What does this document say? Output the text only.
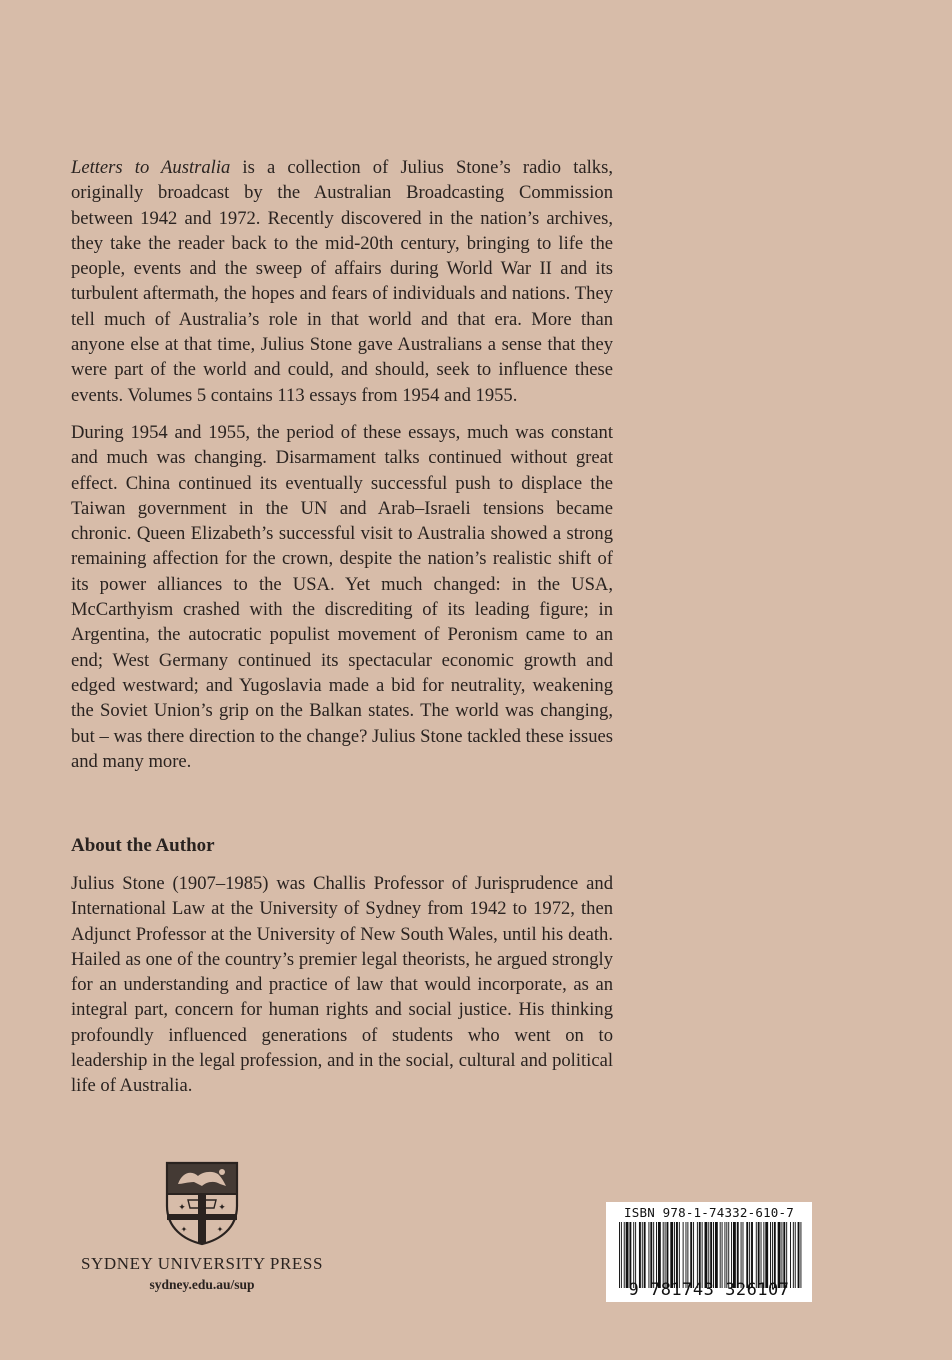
Letters to Australia is a collection of Julius Stone’s radio talks, originally broadcast by the Australian Broadcasting Commission between 1942 and 1972. Recently discovered in the nation’s archives, they take the reader back to the mid-20th century, bringing to life the people, events and the sweep of affairs during World War II and its turbulent aftermath, the hopes and fears of individuals and nations. They tell much of Australia’s role in that world and that era. More than anyone else at that time, Julius Stone gave Australians a sense that they were part of the world and could, and should, seek to influence these events. Volumes 5 contains 113 essays from 1954 and 1955.

During 1954 and 1955, the period of these essays, much was constant and much was changing. Disarmament talks continued without great effect. China continued its eventually successful push to displace the Taiwan government in the UN and Arab–Israeli tensions became chronic. Queen Elizabeth’s successful visit to Australia showed a strong remaining affection for the crown, despite the nation’s realistic shift of its power alliances to the USA. Yet much changed: in the USA, McCarthyism crashed with the discrediting of its leading figure; in Argentina, the autocratic populist movement of Peronism came to an end; West Germany continued its spectacular economic growth and edged westward; and Yugoslavia made a bid for neutrality, weakening the Soviet Union’s grip on the Balkan states. The world was changing, but – was there direction to the change? Julius Stone tackled these issues and many more.

About the Author

Julius Stone (1907–1985) was Challis Professor of Jurisprudence and International Law at the University of Sydney from 1942 to 1972, then Adjunct Professor at the University of New South Wales, until his death. Hailed as one of the country’s premier legal theorists, he argued strongly for an understanding and practice of law that would incorporate, as an integral part, concern for human rights and social justice. His thinking profoundly influenced generations of students who went on to leadership in the legal profession, and in the social, cultural and political life of Australia.

✦	✦
✦	✦

SYDNEY UNIVERSITY PRESS

sydney.edu.au/sup

ISBN 978-1-74332-610-7
9 781743 326107
